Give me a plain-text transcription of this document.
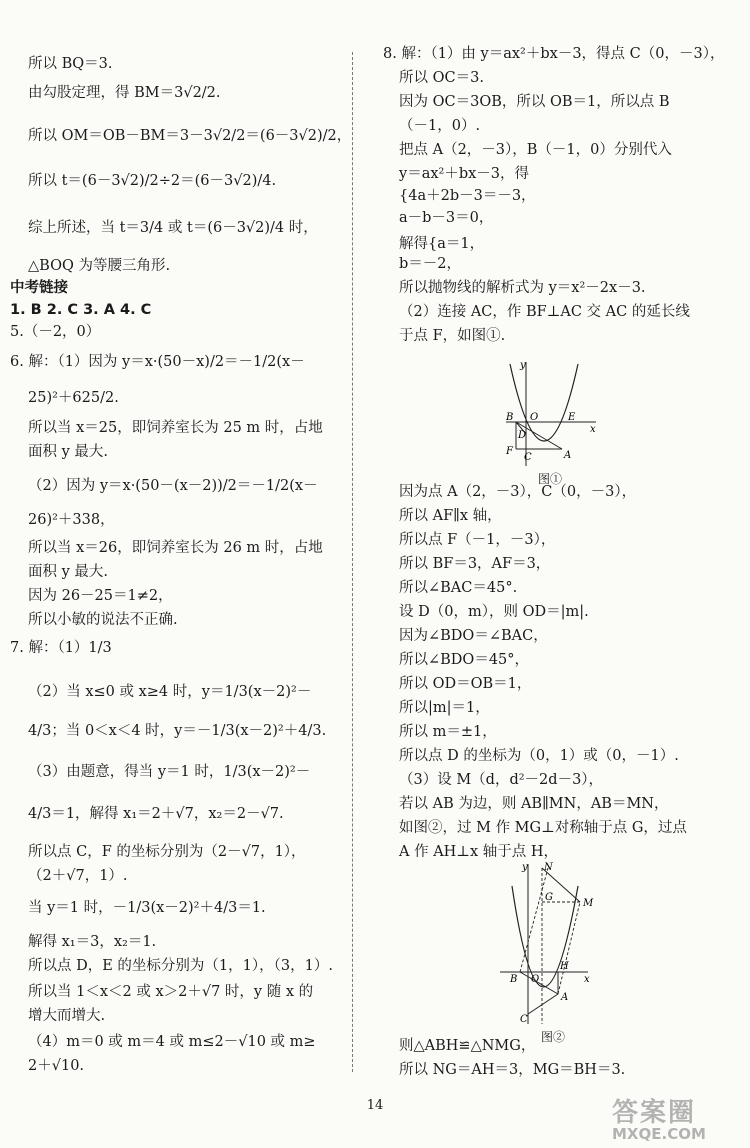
所以 BQ＝3.
由勾股定理，得 BM＝3√2/2.
所以 OM＝OB－BM＝3－3√2/2＝(6－3√2)/2，
所以 t＝(6－3√2)/2÷2＝(6－3√2)/4.
综上所述，当 t＝3/4 或 t＝(6－3√2)/4 时，
△BOQ 为等腰三角形.
中考链接
1. B 2. C 3. A 4. C
5.（－2，0）
6. 解：（1）因为 y＝x·(50－x)/2＝－1/2(x－
25)²＋625/2.
所以当 x＝25，即饲养室长为 25 m 时，占地
面积 y 最大.
（2）因为 y＝x·(50－(x－2))/2＝－1/2(x－
26)²＋338，
所以当 x＝26，即饲养室长为 26 m 时，占地
面积 y 最大.
因为 26－25＝1≠2，
所以小敏的说法不正确.
7. 解：（1）1/3
（2）当 x≤0 或 x≥4 时，y＝1/3(x－2)²－
4/3；当 0＜x＜4 时，y＝－1/3(x－2)²＋4/3.
（3）由题意，得当 y＝1 时，1/3(x－2)²－
4/3＝1，解得 x₁＝2＋√7，x₂＝2－√7.
所以点 C，F 的坐标分别为（2－√7，1），
（2＋√7，1）.
当 y＝1 时，－1/3(x－2)²＋4/3＝1.
解得 x₁＝3，x₂＝1.
所以点 D，E 的坐标分别为（1，1），（3，1）.
所以当 1＜x＜2 或 x＞2＋√7 时，y 随 x 的
增大而增大.
（4）m＝0 或 m＝4 或 m≤2－√10 或 m≥
2＋√10.
8. 解：（1）由 y＝ax²＋bx－3，得点 C（0，－3），
所以 OC＝3.
因为 OC＝3OB，所以 OB＝1，所以点 B
（－1，0）.
把点 A（2，－3），B（－1，0）分别代入
y＝ax²＋bx－3，得
{4a＋2b－3＝－3，
a－b－3＝0，
解得{a＝1，
b＝－2，
所以抛物线的解析式为 y＝x²－2x－3.
（2）连接 AC，作 BF⊥AC 交 AC 的延长线
于点 F，如图①.
因为点 A（2，－3），C（0，－3），
所以 AF∥x 轴，
所以点 F（－1，－3），
所以 BF＝3，AF＝3，
所以∠BAC＝45°.
设 D（0，m），则 OD＝|m|.
因为∠BDO＝∠BAC，
所以∠BDO＝45°，
所以 OD＝OB＝1，
所以|m|＝1，
所以 m＝±1，
所以点 D 的坐标为（0，1）或（0，－1）.
（3）设 M（d，d²－2d－3），
若以 AB 为边，则 AB∥MN，AB＝MN，
如图②，过 M 作 MG⊥对称轴于点 G，过点
A 作 AH⊥x 轴于点 H，
则△ABH≌△NMG，
所以 NG＝AH＝3，MG＝BH＝3.
y
x
B O	E
D
F
C	A
图①
y
x
N
G
M
B O
H
A
C
图②
14	答案圈
MXQE.COM
